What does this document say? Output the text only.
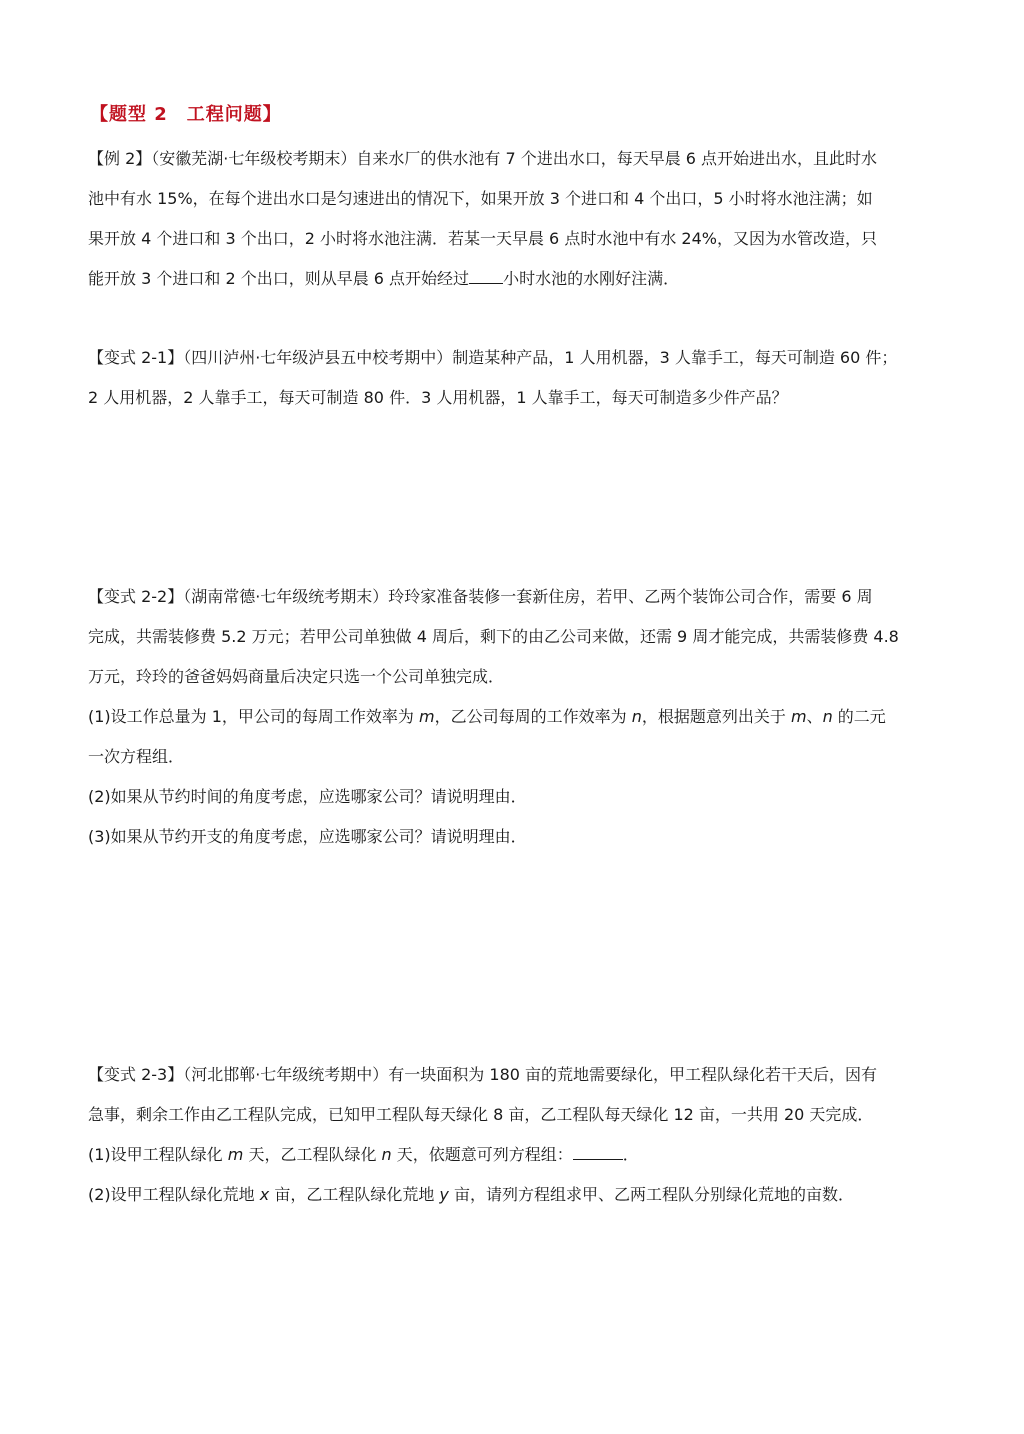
【题型 2　工程问题】
【例 2】（安徽芜湖·七年级校考期末）自来水厂的供水池有 7 个进出水口，每天早晨 6 点开始进出水，且此时水
池中有水 15%，在每个进出水口是匀速进出的情况下，如果开放 3 个进口和 4 个出口，5 小时将水池注满；如
果开放 4 个进口和 3 个出口，2 小时将水池注满．若某一天早晨 6 点时水池中有水 24%，又因为水管改造，只
能开放 3 个进口和 2 个出口，则从早晨 6 点开始经过 小时水池的水刚好注满．
【变式 2-1】（四川泸州·七年级泸县五中校考期中）制造某种产品，1 人用机器，3 人靠手工，每天可制造 60 件；
2 人用机器，2 人靠手工，每天可制造 80 件．3 人用机器，1 人靠手工，每天可制造多少件产品？
【变式 2-2】（湖南常德·七年级统考期末）玲玲家准备装修一套新住房，若甲、乙两个装饰公司合作，需要 6 周
完成，共需装修费 5.2 万元；若甲公司单独做 4 周后，剩下的由乙公司来做，还需 9 周才能完成，共需装修费 4.8
万元，玲玲的爸爸妈妈商量后决定只选一个公司单独完成．
(1)设工作总量为 1，甲公司的每周工作效率为 m，乙公司每周的工作效率为 n，根据题意列出关于 m、n 的二元
一次方程组．
(2)如果从节约时间的角度考虑，应选哪家公司？请说明理由．
(3)如果从节约开支的角度考虑，应选哪家公司？请说明理由．
【变式 2-3】（河北邯郸·七年级统考期中）有一块面积为 180 亩的荒地需要绿化，甲工程队绿化若干天后，因有
急事，剩余工作由乙工程队完成，已知甲工程队每天绿化 8 亩，乙工程队每天绿化 12 亩，一共用 20 天完成．
(1)设甲工程队绿化 m 天，乙工程队绿化 n 天，依题意可列方程组：	．
(2)设甲工程队绿化荒地 x 亩，乙工程队绿化荒地 y 亩，请列方程组求甲、乙两工程队分别绿化荒地的亩数．
